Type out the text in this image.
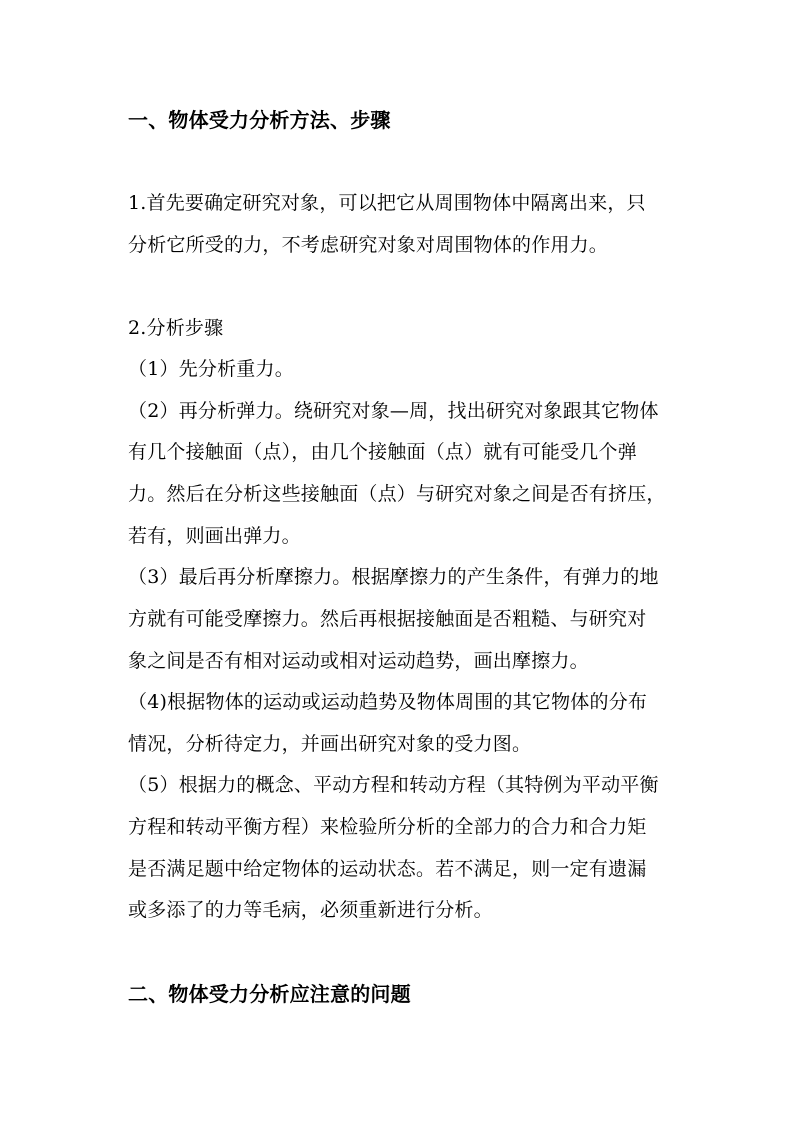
一、物体受力分析方法、步骤
1.首先要确定研究对象，可以把它从周围物体中隔离出来，只
分析它所受的力，不考虑研究对象对周围物体的作用力。
2.分析步骤
（1）先分析重力。
（2）再分析弹力。绕研究对象—周，找出研究对象跟其它物体
有几个接触面（点），由几个接触面（点）就有可能受几个弹
力。然后在分析这些接触面（点）与研究对象之间是否有挤压，
若有，则画出弹力。
（3）最后再分析摩擦力。根据摩擦力的产生条件，有弹力的地
方就有可能受摩擦力。然后再根据接触面是否粗糙、与研究对
象之间是否有相对运动或相对运动趋势，画出摩擦力。
（4)根据物体的运动或运动趋势及物体周围的其它物体的分布
情况，分析待定力，并画出研究对象的受力图。
（5）根据力的概念、平动方程和转动方程（其特例为平动平衡
方程和转动平衡方程）来检验所分析的全部力的合力和合力矩
是否满足题中给定物体的运动状态。若不满足，则一定有遗漏
或多添了的力等毛病，必须重新进行分析。
二、物体受力分析应注意的问题
